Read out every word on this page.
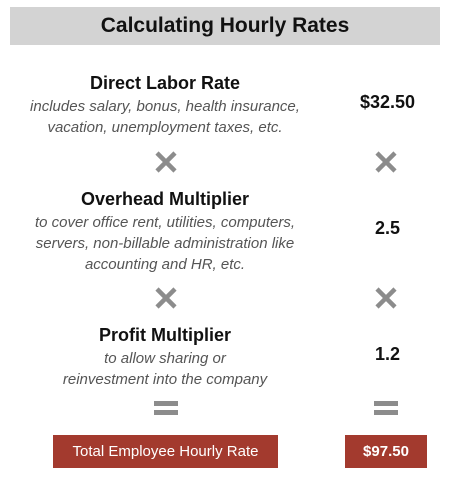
Calculating Hourly Rates
Direct Labor Rate
includes salary, bonus, health insurance,
vacation, unemployment taxes, etc.
$32.50
Overhead Multiplier
to cover office rent, utilities, computers,
servers, non-billable administration like
accounting and HR, etc.
2.5
Profit Multiplier
to allow sharing or
reinvestment into the company
1.2
Total Employee Hourly Rate	$97.50
